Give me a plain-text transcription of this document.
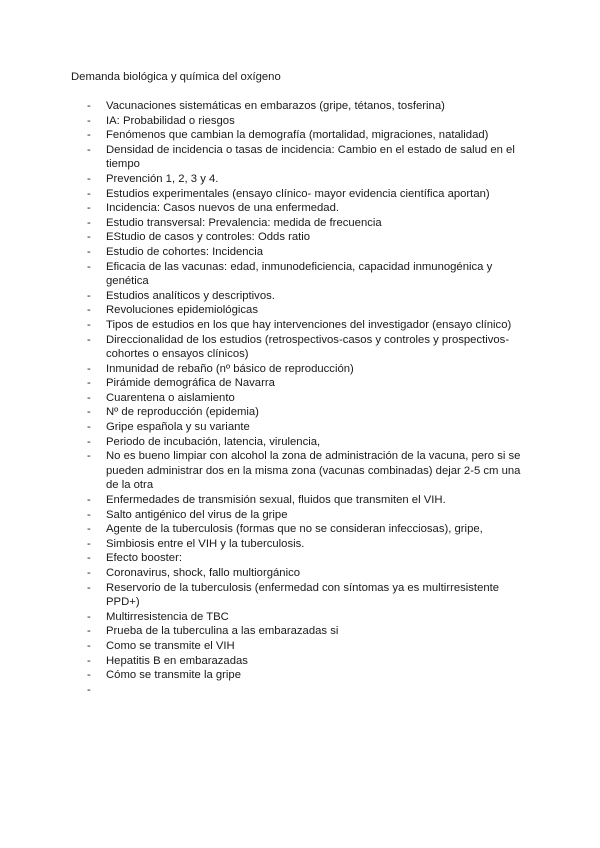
Demanda biológica y química del oxígeno
- Vacunaciones sistemáticas en embarazos (gripe, tétanos, tosferina)
- IA: Probabilidad o riesgos
- Fenómenos que cambian la demografía (mortalidad, migraciones, natalidad)
- Densidad de incidencia o tasas de incidencia: Cambio en el estado de salud en el tiempo
- Prevención 1, 2, 3 y 4.
- Estudios experimentales (ensayo clínico- mayor evidencia científica aportan)
- Incidencia: Casos nuevos de una enfermedad.
- Estudio transversal: Prevalencia: medida de frecuencia
- EStudio de casos y controles: Odds ratio
- Estudio de cohortes: Incidencia
- Eficacia de las vacunas: edad, inmunodeficiencia, capacidad inmunogénica y genética
- Estudios analíticos y descriptivos.
- Revoluciones epidemiológicas
- Tipos de estudios en los que hay intervenciones del investigador (ensayo clínico)
- Direccionalidad de los estudios (retrospectivos-casos y controles y prospectivos-cohortes o ensayos clínicos)
- Inmunidad de rebaño (nº básico de reproducción)
- Pirámide demográfica de Navarra
- Cuarentena o aislamiento
- Nº de reproducción (epidemia)
- Gripe española y su variante
- Periodo de incubación, latencia, virulencia,
- No es bueno limpiar con alcohol la zona de administración de la vacuna, pero si se pueden administrar dos en la misma zona (vacunas combinadas) dejar 2-5 cm una de la otra
- Enfermedades de transmisión sexual, fluidos que transmiten el VIH.
- Salto antigénico del virus de la gripe
- Agente de la tuberculosis (formas que no se consideran infecciosas), gripe,
- Simbiosis entre el VIH y la tuberculosis.
- Efecto booster:
- Coronavirus, shock, fallo multiorgánico
- Reservorio de la tuberculosis (enfermedad con síntomas ya es multirresistente PPD+)
- Multirresistencia de TBC
- Prueba de la tuberculina a las embarazadas si
- Como se transmite el VIH
- Hepatitis B en embarazadas
- Cómo se transmite la gripe
-
